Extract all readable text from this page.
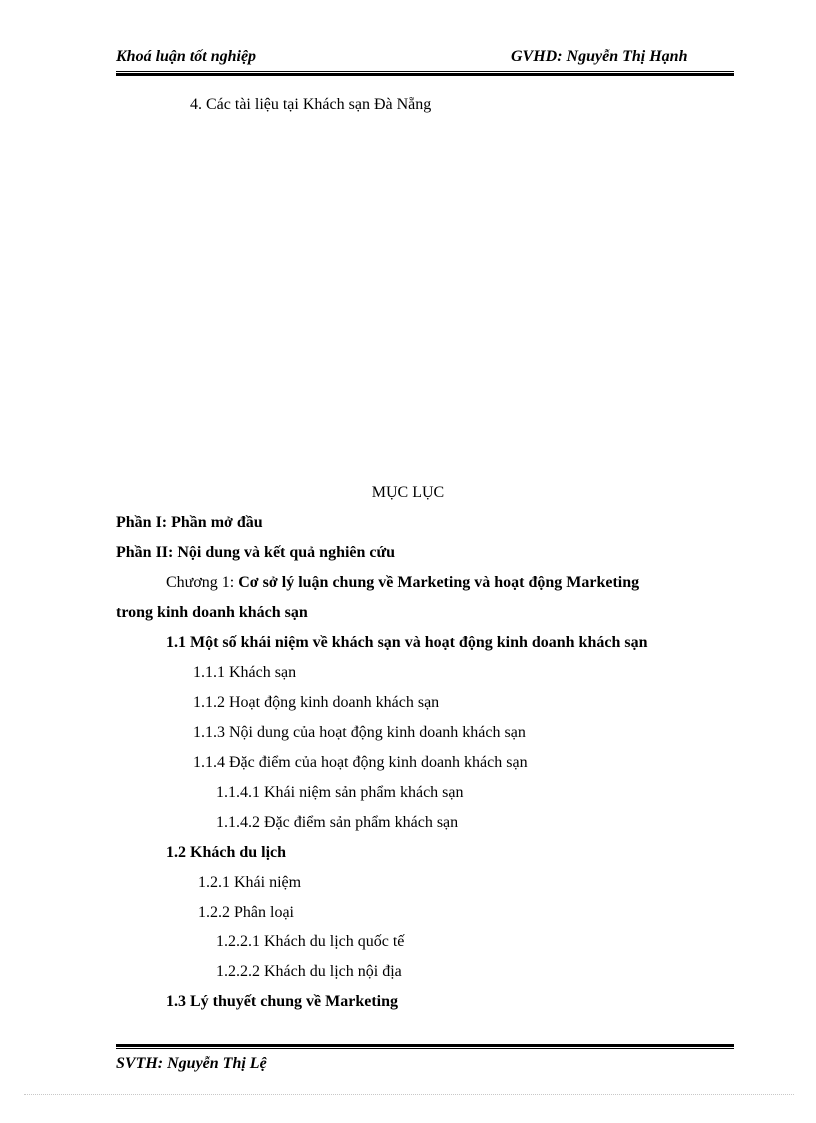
Khoá luận tốt nghiệp	GVHD: Nguyễn Thị Hạnh
4. Các tài liệu tại Khách sạn Đà Nẵng
MỤC LỤC
Phần I: Phần mở đầu
Phần II: Nội dung và kết quả nghiên cứu
Chương 1: Cơ sở lý luận chung về Marketing và hoạt động Marketing
trong kinh doanh khách sạn
1.1 Một số khái niệm về khách sạn và hoạt động kinh doanh khách sạn
1.1.1 Khách sạn
1.1.2 Hoạt động kinh doanh khách sạn
1.1.3 Nội dung của hoạt động kinh doanh khách sạn
1.1.4 Đặc điểm của hoạt động kinh doanh khách sạn
1.1.4.1 Khái niệm sản phẩm khách sạn
1.1.4.2 Đặc điểm sản phẩm khách sạn
1.2 Khách du lịch
1.2.1 Khái niệm
1.2.2 Phân loại
1.2.2.1 Khách du lịch quốc tế
1.2.2.2 Khách du lịch nội địa
1.3 Lý thuyết chung về Marketing
SVTH: Nguyễn Thị Lệ
